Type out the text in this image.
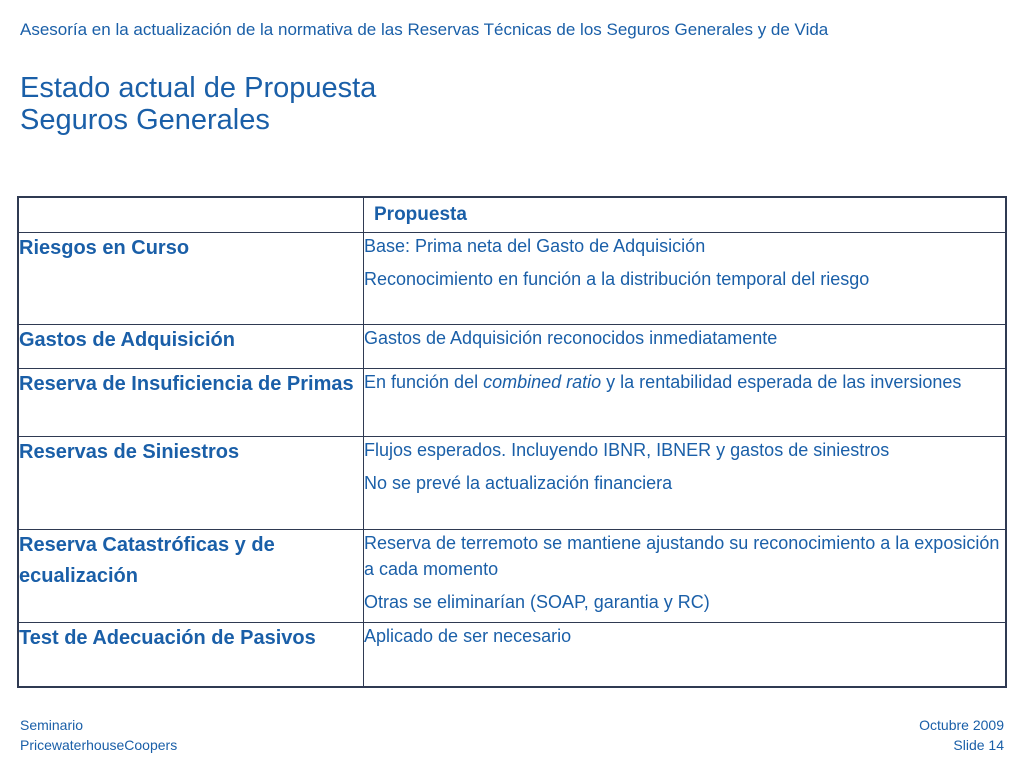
Asesoría en la actualización de la normativa de las Reservas Técnicas de los Seguros Generales y de Vida
Estado actual de Propuesta
Seguros Generales

	Propuesta

Riesgos en Curso	Base: Prima neta del Gasto de Adquisición

Reconocimiento en función a la distribución temporal del riesgo

Gastos de Adquisición	Gastos de Adquisición reconocidos inmediatamente

Reserva de Insuficiencia de Primas	En función del combined ratio y la rentabilidad esperada de las inversiones

Reservas de Siniestros	Flujos esperados. Incluyendo IBNR, IBNER y gastos de siniestros

No se prevé la actualización financiera

Reserva Catastróficas y de ecualización	Reserva de terremoto se mantiene ajustando su reconocimiento a la exposición a cada momento

Otras se eliminarían (SOAP, garantia y RC)

Test de Adecuación de Pasivos	Aplicado de ser necesario

Seminario
PricewaterhouseCoopers
Octubre 2009
Slide 14
